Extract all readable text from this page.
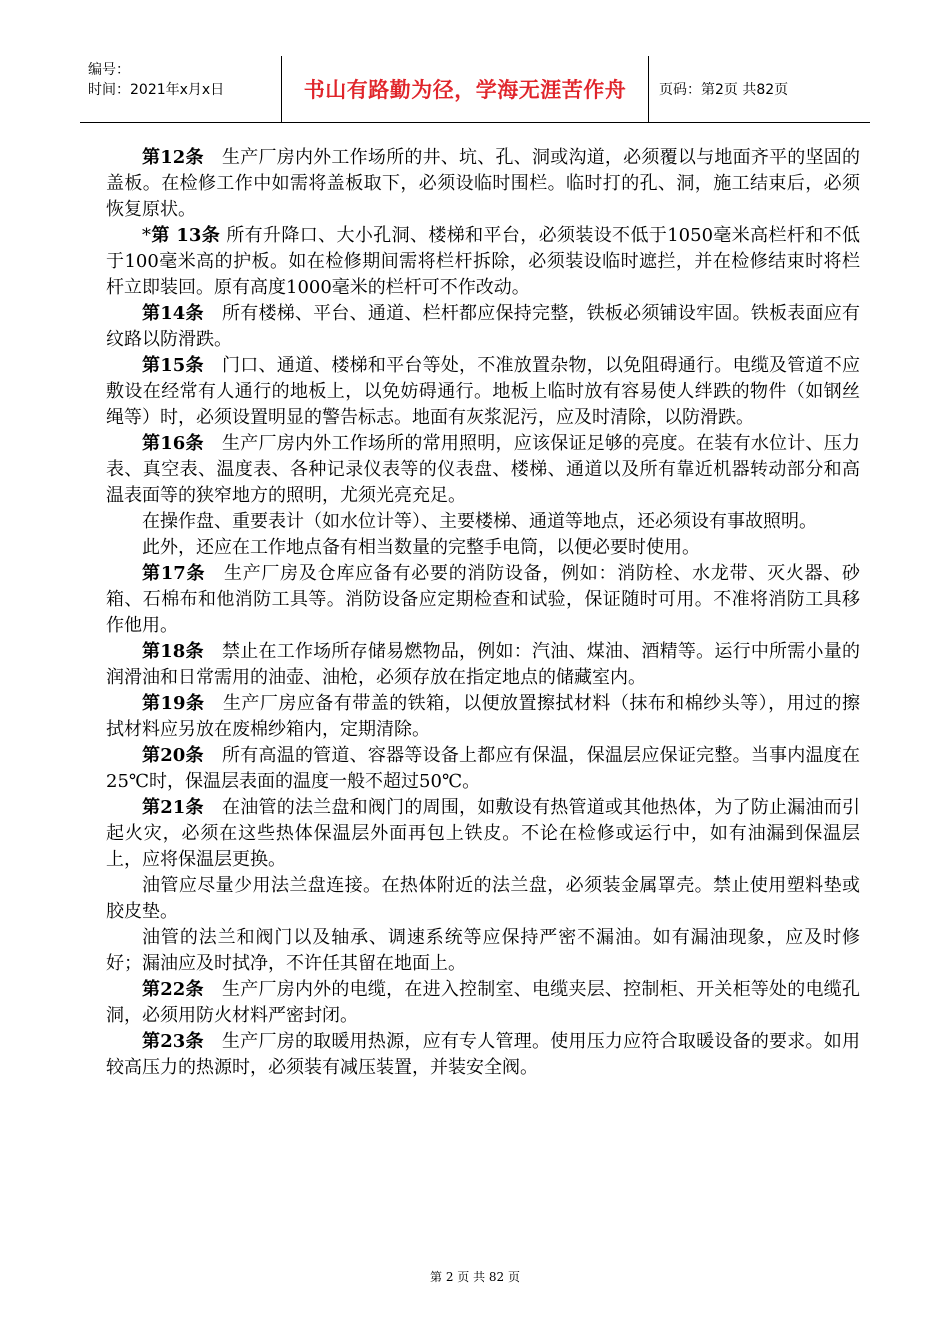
编号：
时间：2021年x月x日	书山有路勤为径，学海无涯苦作舟 页码：第2页 共82页

第12条　生产厂房内外工作场所的井、坑、孔、洞或沟道，必须覆以与地面齐平的坚固的盖板。在检修工作中如需将盖板取下，必须设临时围栏。临时打的孔、洞，施工结束后，必须恢复原状。

*第 13条 所有升降口、大小孔洞、楼梯和平台，必须装设不低于1050毫米高栏杆和不低于100毫米高的护板。如在检修期间需将栏杆拆除，必须装设临时遮拦，并在检修结束时将栏杆立即装回。原有高度1000毫米的栏杆可不作改动。

第14条　所有楼梯、平台、通道、栏杆都应保持完整，铁板必须铺设牢固。铁板表面应有纹路以防滑跌。

第15条　门口、通道、楼梯和平台等处，不准放置杂物，以免阻碍通行。电缆及管道不应敷设在经常有人通行的地板上，以免妨碍通行。地板上临时放有容易使人绊跌的物件（如钢丝绳等）时，必须设置明显的警告标志。地面有灰浆泥污，应及时清除，以防滑跌。

第16条　生产厂房内外工作场所的常用照明，应该保证足够的亮度。在装有水位计、压力表、真空表、温度表、各种记录仪表等的仪表盘、楼梯、通道以及所有靠近机器转动部分和高温表面等的狭窄地方的照明，尤须光亮充足。

在操作盘、重要表计（如水位计等）、主要楼梯、通道等地点，还必须设有事故照明。

此外，还应在工作地点备有相当数量的完整手电筒，以便必要时使用。

第17条　生产厂房及仓库应备有必要的消防设备，例如：消防栓、水龙带、灭火器、砂箱、石棉布和他消防工具等。消防设备应定期检查和试验，保证随时可用。不准将消防工具移作他用。

第18条　禁止在工作场所存储易燃物品，例如：汽油、煤油、酒精等。运行中所需小量的润滑油和日常需用的油壶、油枪，必须存放在指定地点的储藏室内。

第19条　生产厂房应备有带盖的铁箱，以便放置擦拭材料（抹布和棉纱头等），用过的擦拭材料应另放在废棉纱箱内，定期清除。

第20条　所有高温的管道、容器等设备上都应有保温，保温层应保证完整。当事内温度在25℃时，保温层表面的温度一般不超过50℃。

第21条　在油管的法兰盘和阀门的周围，如敷设有热管道或其他热体，为了防止漏油而引起火灾，必须在这些热体保温层外面再包上铁皮。不论在检修或运行中，如有油漏到保温层上，应将保温层更换。

油管应尽量少用法兰盘连接。在热体附近的法兰盘，必须装金属罩壳。禁止使用塑料垫或胶皮垫。

油管的法兰和阀门以及轴承、调速系统等应保持严密不漏油。如有漏油现象，应及时修好；漏油应及时拭净，不许任其留在地面上。

第22条　生产厂房内外的电缆，在进入控制室、电缆夹层、控制柜、开关柜等处的电缆孔洞，必须用防火材料严密封闭。

第23条　生产厂房的取暖用热源，应有专人管理。使用压力应符合取暖设备的要求。如用较高压力的热源时，必须装有减压装置，并装安全阀。

第 2 页 共 82 页
